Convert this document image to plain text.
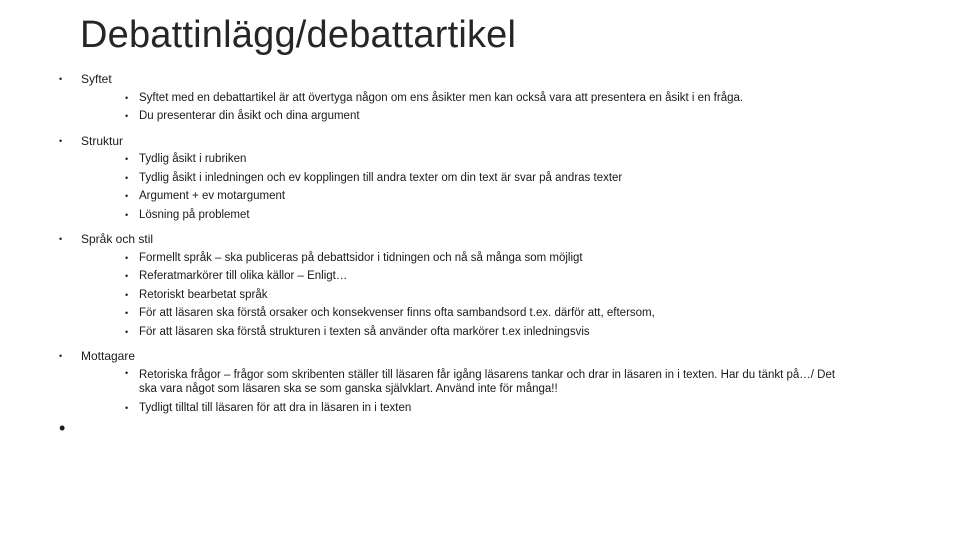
Debattinlägg/debattartikel
• Syftet
• Syftet med en debattartikel är att övertyga någon om ens åsikter men kan också vara att presentera en åsikt i en fråga.
• Du presenterar din åsikt och dina argument
• Struktur
• Tydlig åsikt i rubriken
• Tydlig åsikt i inledningen och ev kopplingen till andra texter om din text är svar på andras texter
• Argument + ev motargument
• Lösning på problemet
• Språk och stil
• Formellt språk – ska publiceras på debattsidor i tidningen och nå så många som möjligt
• Referatmarkörer till olika källor – Enligt…
• Retoriskt bearbetat språk
• För att läsaren ska förstå orsaker och konsekvenser finns ofta sambandsord t.ex. därför att, eftersom,
• För att läsaren ska förstå strukturen i texten så använder ofta markörer t.ex inledningsvis
• Mottagare
• Retoriska frågor – frågor som skribenten ställer till läsaren får igång läsarens tankar och drar in läsaren in i texten. Har du tänkt på…/ Det ska vara något som läsaren ska se som ganska självklart. Använd inte för många!!
• Tydligt tilltal till läsaren för att dra in läsaren in i texten
•
